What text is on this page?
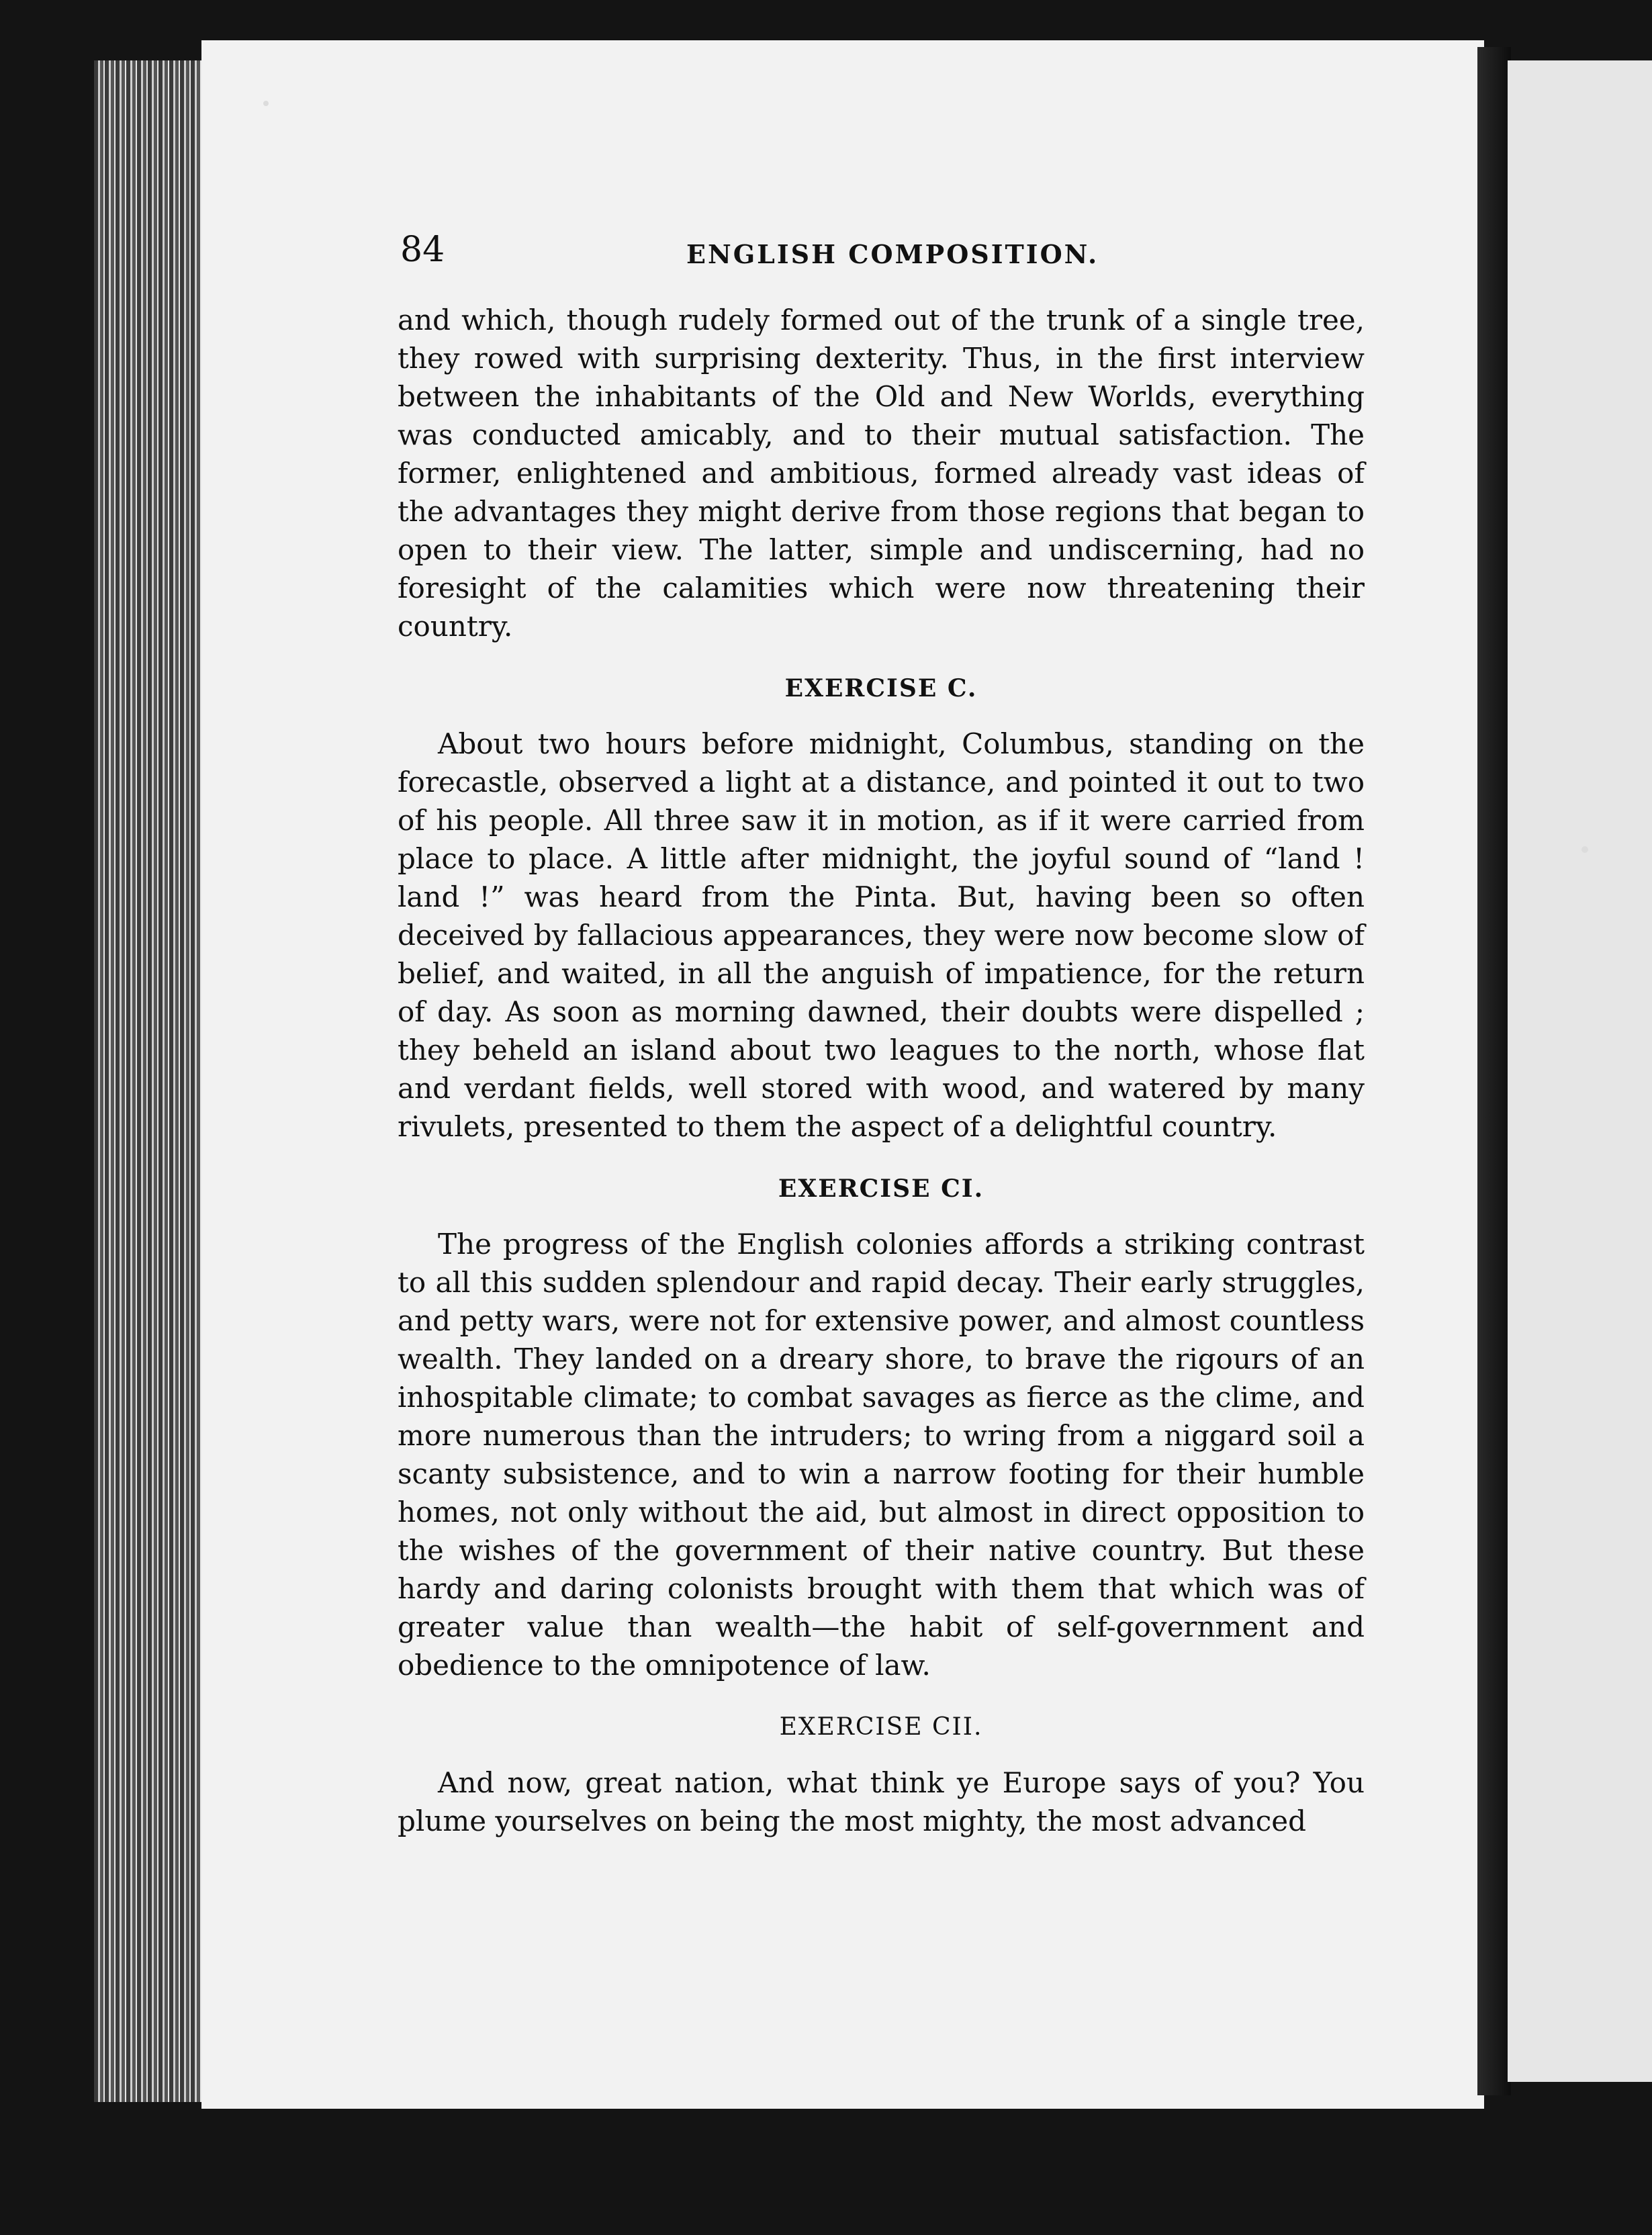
84	ENGLISH COMPOSITION.

and which, though rudely formed out of the trunk of a single tree, they rowed with surprising dexterity. Thus, in the first interview between the inhabitants of the Old and New Worlds, everything was conducted amicably, and to their mutual satisfaction. The former, enlightened and ambitious, formed already vast ideas of the advantages they might derive from those regions that began to open to their view. The latter, simple and undiscerning, had no foresight of the calamities which were now threatening their country.

EXERCISE C.

About two hours before midnight, Columbus, standing on the forecastle, observed a light at a distance, and pointed it out to two of his people. All three saw it in motion, as if it were carried from place to place. A little after midnight, the joyful sound of “land ! land !” was heard from the Pinta. But, having been so often deceived by fallacious appearances, they were now become slow of belief, and waited, in all the anguish of impatience, for the return of day. As soon as morning dawned, their doubts were dispelled ; they beheld an island about two leagues to the north, whose flat and verdant fields, well stored with wood, and watered by many rivulets, presented to them the aspect of a delightful country.

EXERCISE CI.

The progress of the English colonies affords a striking contrast to all this sudden splendour and rapid decay. Their early struggles, and petty wars, were not for extensive power, and almost countless wealth. They landed on a dreary shore, to brave the rigours of an inhospitable climate; to combat savages as fierce as the clime, and more numerous than the intruders; to wring from a niggard soil a scanty subsistence, and to win a narrow footing for their humble homes, not only without the aid, but almost in direct opposition to the wishes of the government of their native country. But these hardy and daring colonists brought with them that which was of greater value than wealth—the habit of self-government and obedience to the omnipotence of law.

EXERCISE CII.

And now, great nation, what think ye Europe says of you? You plume yourselves on being the most mighty, the most advanced
